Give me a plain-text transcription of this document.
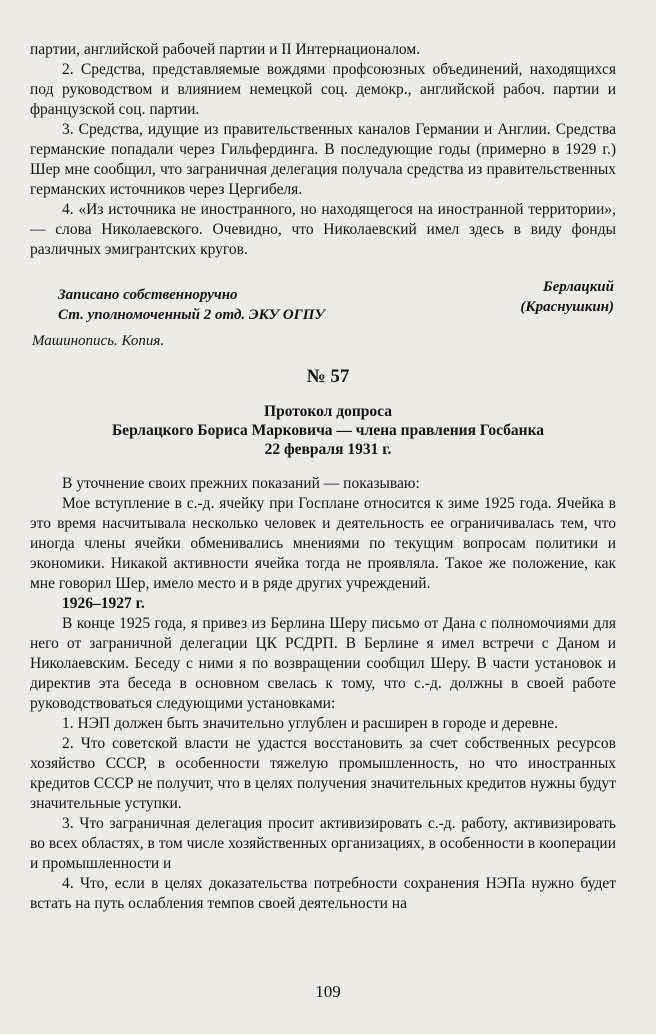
партии, английской рабочей партии и II Интернационалом.

2. Средства, представляемые вождями профсоюзных объединений, находящихся под руководством и влиянием немецкой соц. демокр., английской рабоч. партии и французской соц. партии.

3. Средства, идущие из правительственных каналов Германии и Англии. Средства германские попадали через Гильфердинга. В последующие годы (примерно в 1929 г.) Шер мне сообщил, что заграничная делегация получала средства из правительственных германских источников через Цергибеля.

4. «Из источника не иностранного, но находящегося на иностранной территории», — слова Николаевского. Очевидно, что Николаевский имел здесь в виду фонды различных эмигрантских кругов.

Записано собственноручно
Ст. уполномоченный 2 отд. ЭКУ ОГПУ
Берлацкий
(Краснушкин)
Машинопись. Копия.
№ 57
Протокол допроса
Берлацкого Бориса Марковича — члена правления Госбанка
22 февраля 1931 г.

В уточнение своих прежних показаний — показываю:

Мое вступление в с.-д. ячейку при Госплане относится к зиме 1925 года. Ячейка в это время насчитывала несколько человек и деятельность ее ограничивалась тем, что иногда члены ячейки обменивались мнениями по текущим вопросам политики и экономики. Никакой активности ячейка тогда не проявляла. Такое же положение, как мне говорил Шер, имело место и в ряде других учреждений.

1926–1927 г.

В конце 1925 года, я привез из Берлина Шеру письмо от Дана с полномочиями для него от заграничной делегации ЦК РСДРП. В Берлине я имел встречи с Даном и Николаевским. Беседу с ними я по возвращении сообщил Шеру. В части установок и директив эта беседа в основном свелась к тому, что с.-д. должны в своей работе руководствоваться следующими установками:

1. НЭП должен быть значительно углублен и расширен в городе и деревне.

2. Что советской власти не удастся восстановить за счет собственных ресурсов хозяйство СССР, в особенности тяжелую промышленность, но что иностранных кредитов СССР не получит, что в целях получения значительных кредитов нужны будут значительные уступки.

3. Что заграничная делегация просит активизировать с.-д. работу, активизировать во всех областях, в том числе хозяйственных организациях, в особенности в кооперации и промышленности и

4. Что, если в целях доказательства потребности сохранения НЭПа нужно будет встать на путь ослабления темпов своей деятельности на

109
